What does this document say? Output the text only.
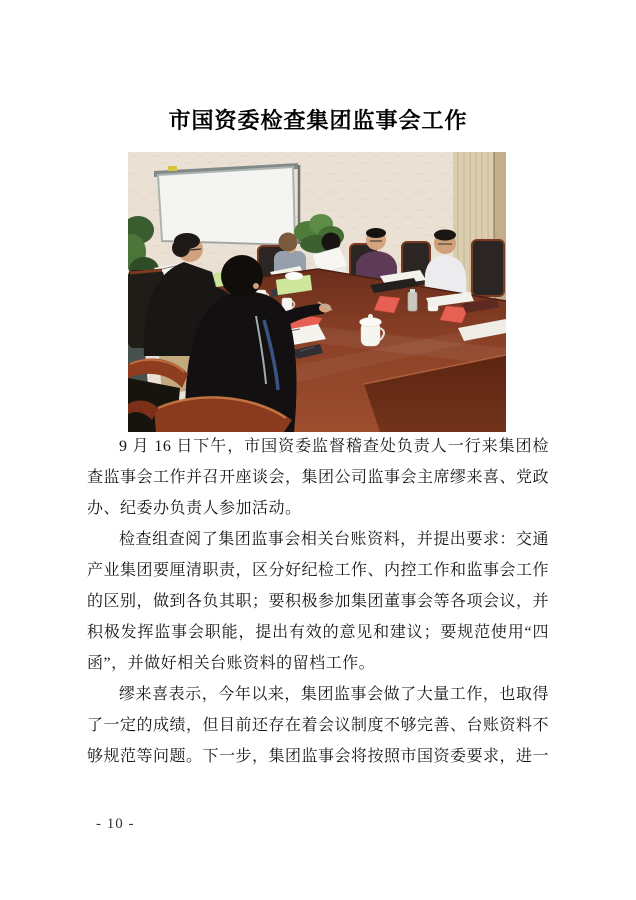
市国资委检查集团监事会工作

9 月 16 日下午，市国资委监督稽查处负责人一行来集团检查监事会工作并召开座谈会，集团公司监事会主席缪来喜、党政办、纪委办负责人参加活动。

检查组查阅了集团监事会相关台账资料，并提出要求：交通产业集团要厘清职责，区分好纪检工作、内控工作和监事会工作的区别，做到各负其职；要积极参加集团董事会等各项会议，并积极发挥监事会职能，提出有效的意见和建议；要规范使用“四函”，并做好相关台账资料的留档工作。

缪来喜表示，今年以来，集团监事会做了大量工作，也取得了一定的成绩，但目前还存在着会议制度不够完善、台账资料不够规范等问题。下一步，集团监事会将按照市国资委要求，进一

- 10 -
